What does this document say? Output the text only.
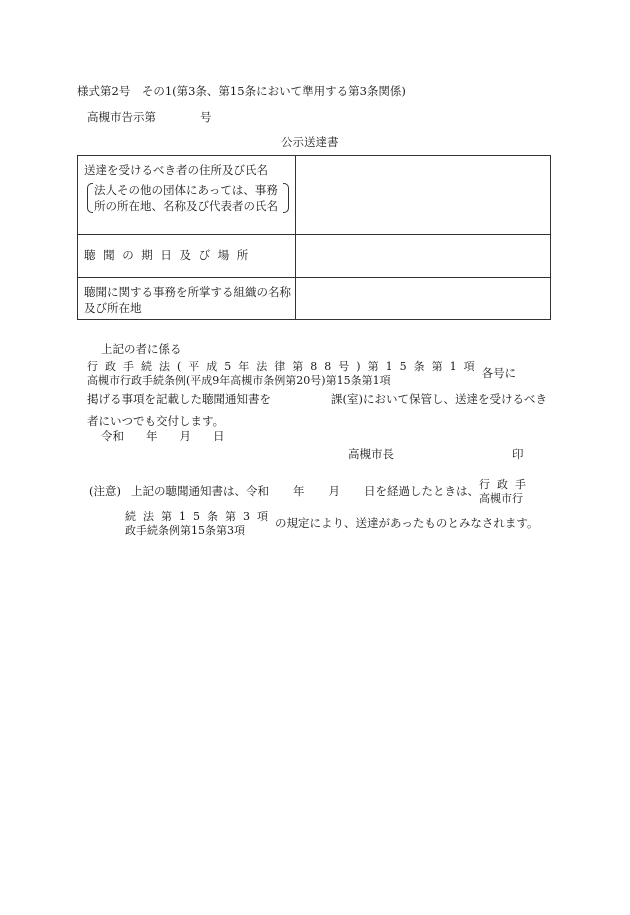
様式第2号　その1(第3条、第15条において準用する第3条関係)
高槻市告示第	号
公示送達書
送達を受けるべき者の住所及び氏名
法人その他の団体にあっては、事務所の所在地、名称及び代表者の氏名	

聴聞の期日及び場所	

聴聞に関する事務を所掌する組織の名称及び所在地	

上記の者に係る
行政手続法(平成5年法律第88号)第15条第1項
高槻市行政手続条例(平成9年高槻市条例第20号)第15条第1項
各号に
掲げる事項を記載した聴聞通知書を	課(室)において保管し、送達を受けるべき
者にいつでも交付します。
令和 年 月 日
高槻市長	印
(注意) 上記の聴聞通知書は、令和 年 月 日を経過したときは、 行政手
高槻市行
続法第15条第3項
政手続条例第15条第3項
の規定により、送達があったものとみなされます。
